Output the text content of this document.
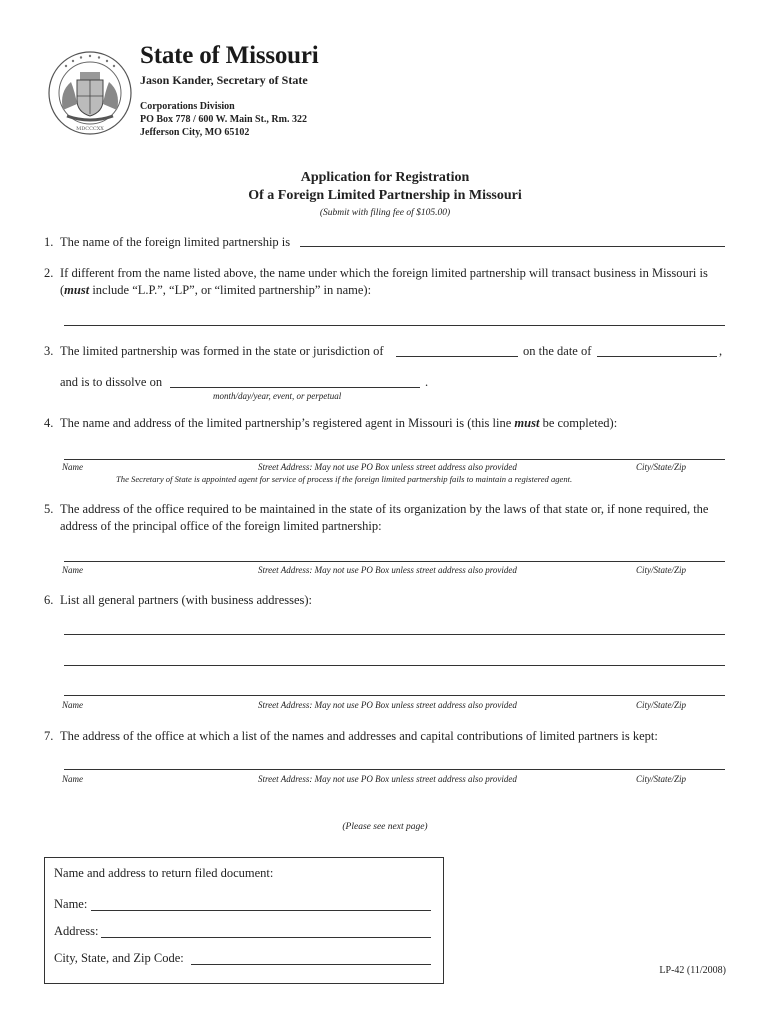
MDCCCXX
State of Missouri
Jason Kander, Secretary of State
Corporations Division
PO Box 778 / 600 W. Main St., Rm. 322
Jefferson City, MO 65102
Application for Registration
Of a Foreign Limited Partnership in Missouri
(Submit with filing fee of $105.00)
1. The name of the foreign limited partnership is
2. If different from the name listed above, the name under which the foreign limited partnership will transact business in Missouri is
(must include “L.P.”, “LP”, or “limited partnership” in name):
3. The limited partnership was formed in the state or jurisdiction of	on the date of	,
and is to dissolve on	.
month/day/year, event, or perpetual
4. The name and address of the limited partnership’s registered agent in Missouri is (this line must be completed):
Name	Street Address: May not use PO Box unless street address also provided	City/State/Zip
The Secretary of State is appointed agent for service of process if the foreign limited partnership fails to maintain a registered agent.
5. The address of the office required to be maintained in the state of its organization by the laws of that state or, if none required, the
address of the principal office of the foreign limited partnership:
Name	Street Address: May not use PO Box unless street address also provided	City/State/Zip
6. List all general partners (with business addresses):
Name	Street Address: May not use PO Box unless street address also provided	City/State/Zip
7. The address of the office at which a list of the names and addresses and capital contributions of limited partners is kept:
Name	Street Address: May not use PO Box unless street address also provided	City/State/Zip
(Please see next page)
Name and address to return filed document:
Name:
Address:
City, State, and Zip Code:
LP-42 (11/2008)
